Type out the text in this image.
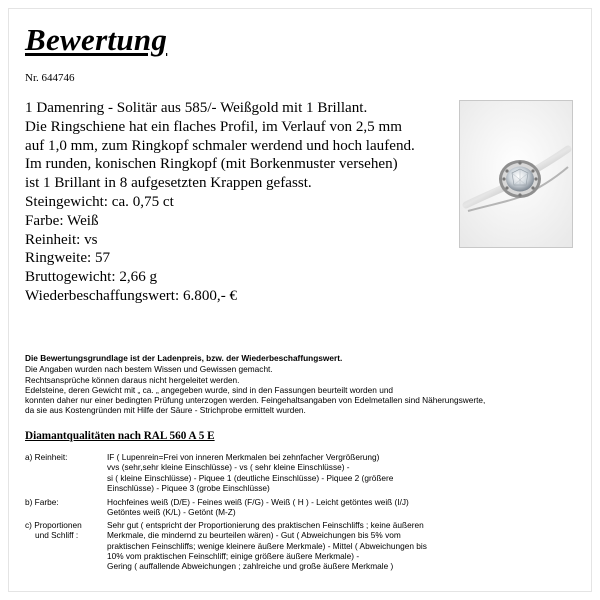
Bewertung
Nr. 644746
1 Damenring - Solitär aus 585/- Weißgold mit 1 Brillant.
Die Ringschiene hat ein flaches Profil, im Verlauf von 2,5 mm
auf 1,0 mm, zum Ringkopf schmaler werdend und hoch laufend.
Im runden, konischen Ringkopf (mit Borkenmuster versehen)
ist 1 Brillant in 8 aufgesetzten Krappen gefasst.
Steingewicht: ca. 0,75 ct
Farbe: Weiß
Reinheit: vs
Ringweite: 57
Bruttogewicht: 2,66 g
Wiederbeschaffungswert: 6.800,- €
Die Bewertungsgrundlage ist der Ladenpreis, bzw. der Wiederbeschaffungswert.
Die Angaben wurden nach bestem Wissen und Gewissen gemacht.
Rechtsansprüche können daraus nicht hergeleitet werden.
Edelsteine, deren Gewicht mit „ ca. „ angegeben wurde, sind in den Fassungen beurteilt worden und
konnten daher nur einer bedingten Prüfung unterzogen werden. Feingehaltsangaben von Edelmetallen sind Näherungswerte,
da sie aus Kostengründen mit Hilfe der Säure - Strichprobe ermittelt wurden.
Diamantqualitäten nach RAL 560 A 5 E
a) Reinheit:	IF ( Lupenrein=Frei von inneren Merkmalen bei zehnfacher Vergrößerung)
vvs (sehr,sehr kleine Einschlüsse) - vs ( sehr kleine Einschlüsse) -
si ( kleine Einschlüsse) - Piquee 1 (deutliche Einschlüsse) - Piquee 2 (größere
Einschlüsse) - Piquee 3 (grobe Einschlüsse)
b) Farbe:	Hochfeines weiß (D/E) - Feines weiß (F/G) - Weiß ( H ) - Leicht getöntes weiß (I/J)
Getöntes weiß (K/L) - Getönt (M-Z)
c) Proportionen
und Schliff :
Sehr gut ( entspricht der Proportionierung des praktischen Feinschliffs ; keine äußeren
Merkmale, die mindernd zu beurteilen wären) - Gut ( Abweichungen bis 5% vom
praktischen Feinschliffs; wenige kleinere äußere Merkmale) - Mittel ( Abweichungen bis
10% vom praktischen Feinschliff; einige größere äußere Merkmale) -
Gering ( auffallende Abweichungen ; zahlreiche und große äußere Merkmale )
